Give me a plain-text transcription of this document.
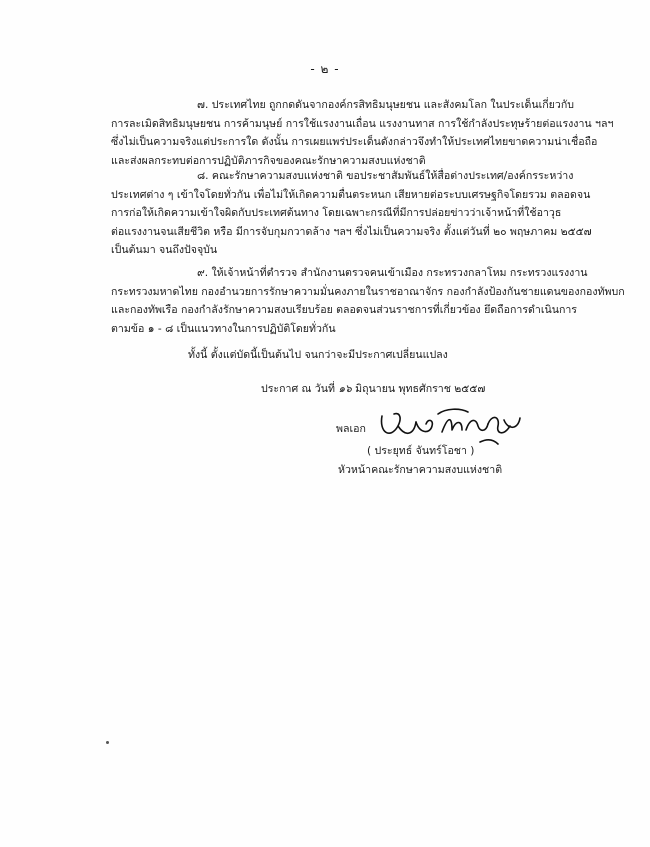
- ๒ -
๗. ประเทศไทย ถูกกดดันจากองค์กรสิทธิมนุษยชน และสังคมโลก ในประเด็นเกี่ยวกับ
การละเมิดสิทธิมนุษยชน การค้ามนุษย์ การใช้แรงงานเถื่อน แรงงานทาส การใช้กำลังประทุษร้ายต่อแรงงาน ฯลฯ
ซึ่งไม่เป็นความจริงแต่ประการใด ดังนั้น การเผยแพร่ประเด็นดังกล่าวจึงทำให้ประเทศไทยขาดความน่าเชื่อถือ
และส่งผลกระทบต่อการปฏิบัติภารกิจของคณะรักษาความสงบแห่งชาติ
๘. คณะรักษาความสงบแห่งชาติ ขอประชาสัมพันธ์ให้สื่อต่างประเทศ/องค์กรระหว่าง
ประเทศต่าง ๆ เข้าใจโดยทั่วกัน เพื่อไม่ให้เกิดความตื่นตระหนก เสียหายต่อระบบเศรษฐกิจโดยรวม ตลอดจน
การก่อให้เกิดความเข้าใจผิดกับประเทศต้นทาง โดยเฉพาะกรณีที่มีการปล่อยข่าวว่าเจ้าหน้าที่ใช้อาวุธ
ต่อแรงงานจนเสียชีวิต หรือ มีการจับกุมกวาดล้าง ฯลฯ ซึ่งไม่เป็นความจริง ตั้งแต่วันที่ ๒๐ พฤษภาคม ๒๕๕๗
เป็นต้นมา จนถึงปัจจุบัน
๙. ให้เจ้าหน้าที่ตำรวจ สำนักงานตรวจคนเข้าเมือง กระทรวงกลาโหม กระทรวงแรงงาน
กระทรวงมหาดไทย กองอำนวยการรักษาความมั่นคงภายในราชอาณาจักร กองกำลังป้องกันชายแดนของกองทัพบก
และกองทัพเรือ กองกำลังรักษาความสงบเรียบร้อย ตลอดจนส่วนราชการที่เกี่ยวข้อง ยึดถือการดำเนินการ
ตามข้อ ๑ - ๘ เป็นแนวทางในการปฏิบัติโดยทั่วกัน
ทั้งนี้ ตั้งแต่บัดนี้เป็นต้นไป จนกว่าจะมีประกาศเปลี่ยนแปลง
ประกาศ ณ วันที่ ๑๖ มิถุนายน พุทธศักราช ๒๕๕๗
พลเอก
( ประยุทธ์ จันทร์โอชา )
หัวหน้าคณะรักษาความสงบแห่งชาติ
